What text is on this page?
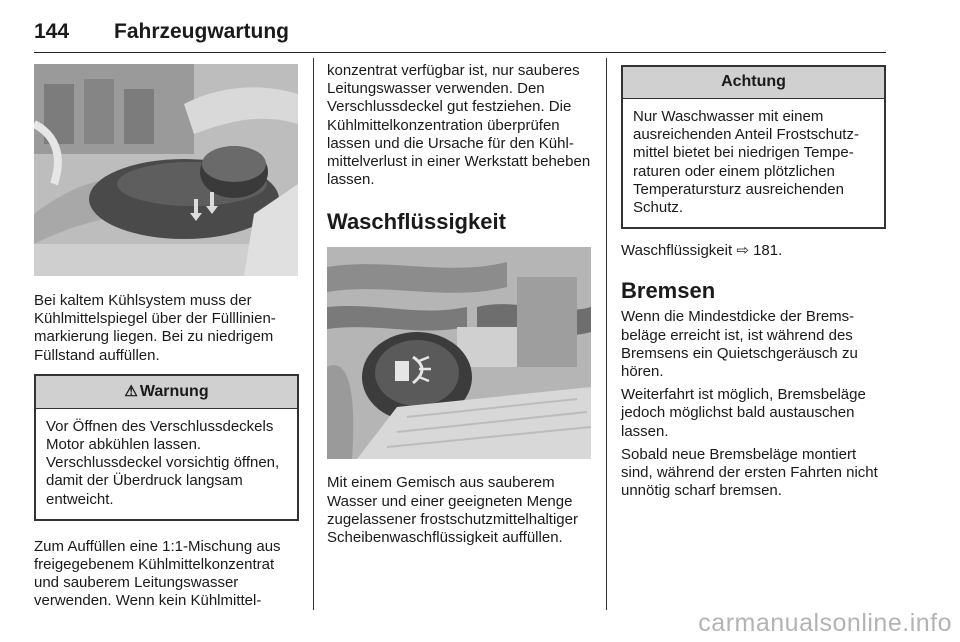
144 Fahrzeugwartung

Bei kaltem Kühlsystem muss der Kühlmittelspiegel über der Fülllinienmarkierung liegen. Bei zu niedrigem Füllstand auffüllen.

⚠ Warnung
Vor Öffnen des Verschlussdeckels Motor abkühlen lassen. Verschlussdeckel vorsichtig öffnen, damit der Überdruck langsam entweicht.

Zum Auffüllen eine 1:1-Mischung aus freigegebenem Kühlmittelkonzentrat und sauberem Leitungswasser verwenden. Wenn kein Kühlmittel-

konzentrat verfügbar ist, nur sauberes Leitungswasser verwenden. Den Verschlussdeckel gut festziehen. Die Kühlmittelkonzentration überprüfen lassen und die Ursache für den Kühlmittelverlust in einer Werkstatt beheben lassen.

Waschflüssigkeit

Mit einem Gemisch aus sauberem Wasser und einer geeigneten Menge zugelassener frostschutzmittelhaltiger Scheibenwaschflüssigkeit auffüllen.

Achtung
Nur Waschwasser mit einem ausreichenden Anteil Frostschutzmittel bietet bei niedrigen Temperaturen oder einem plötzlichen Temperatursturz ausreichenden Schutz.

Waschflüssigkeit ⇨ 181.

Bremsen

Wenn die Mindestdicke der Bremsbeläge erreicht ist, ist während des Bremsens ein Quietschgeräusch zu hören.

Weiterfahrt ist möglich, Bremsbeläge jedoch möglichst bald austauschen lassen.

Sobald neue Bremsbeläge montiert sind, während der ersten Fahrten nicht unnötig scharf bremsen.

carmanualsonline.info
